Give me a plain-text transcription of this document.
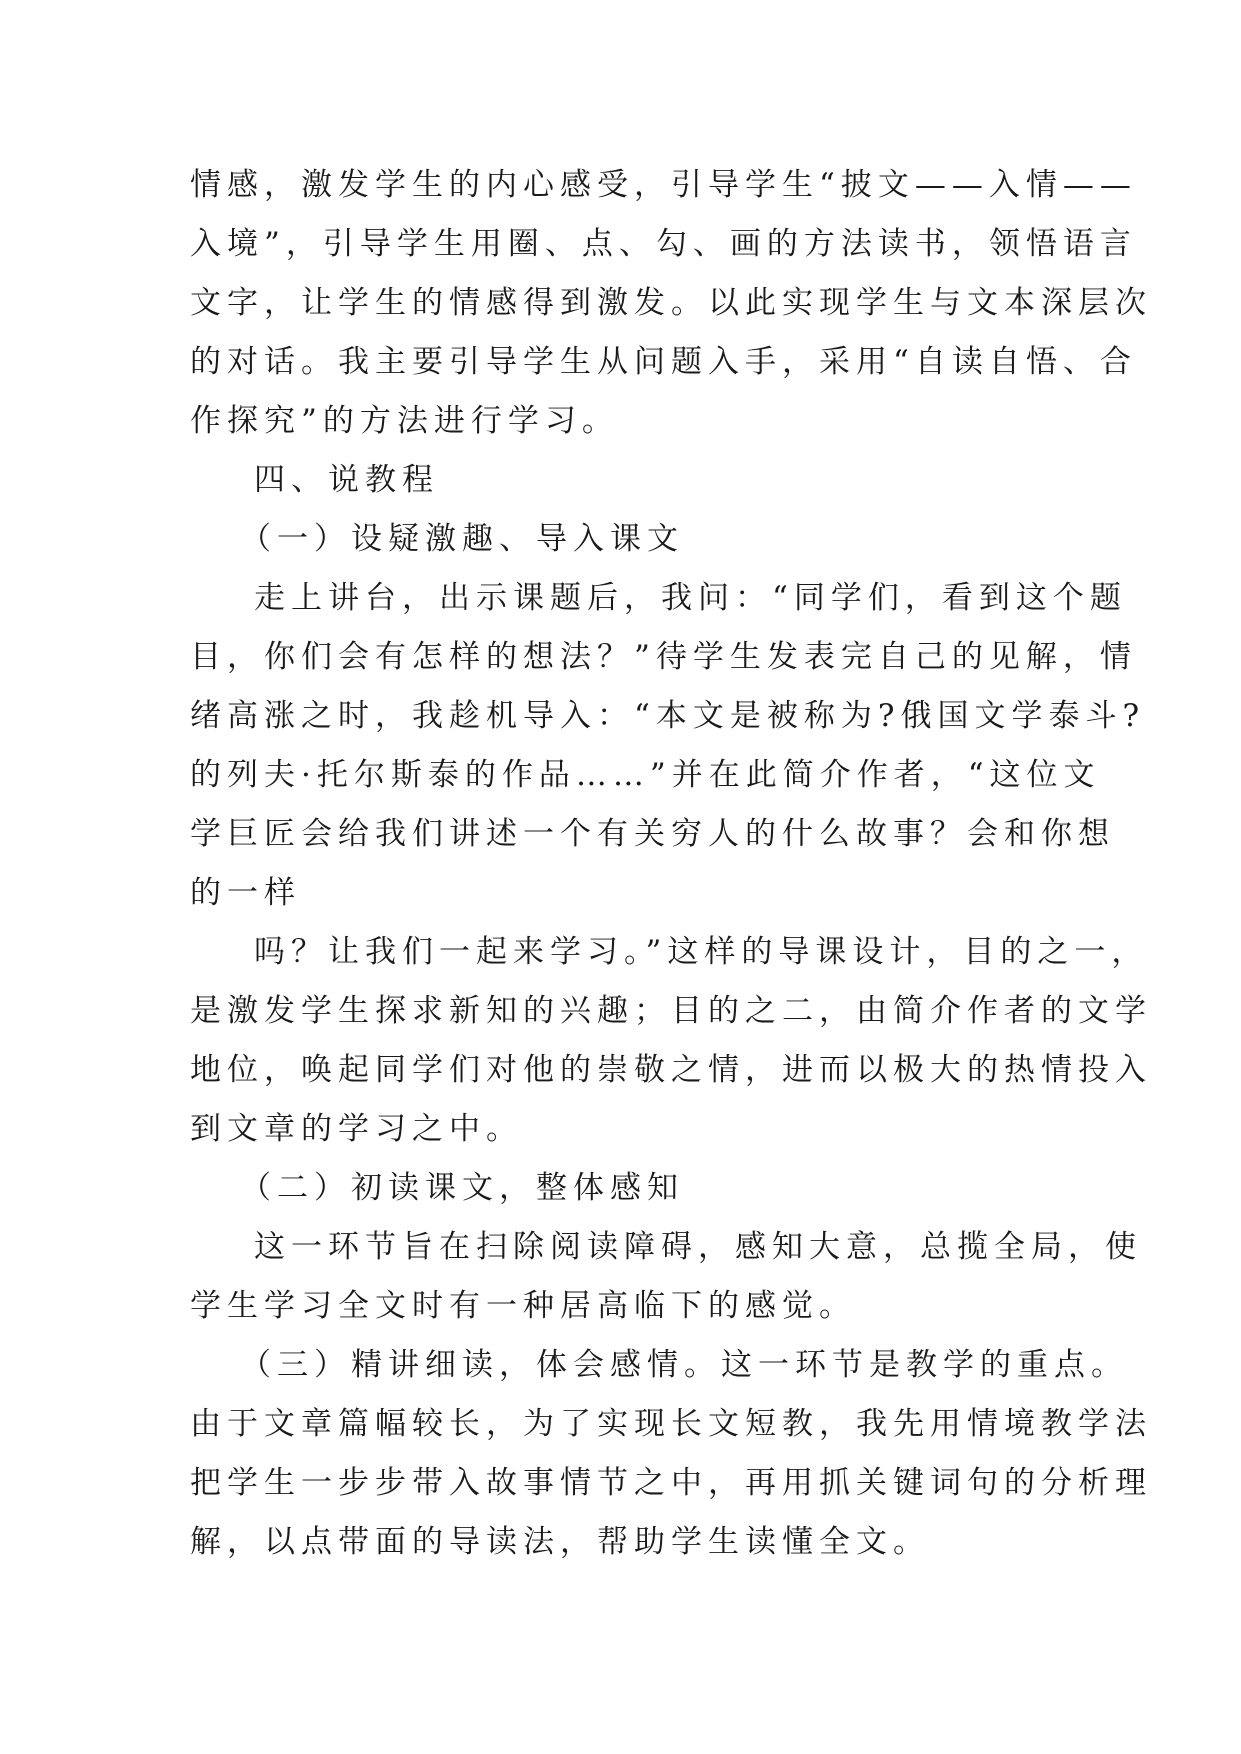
情感，激发学生的内心感受，引导学生“披文——入情——
入境”，引导学生用圈、点、勾、画的方法读书，领悟语言
文字，让学生的情感得到激发。以此实现学生与文本深层次
的对话。我主要引导学生从问题入手，采用“自读自悟、合
作探究”的方法进行学习。
四、说教程
（一）设疑激趣、导入课文
走上讲台，出示课题后，我问：“同学们，看到这个题
目，你们会有怎样的想法？”待学生发表完自己的见解，情
绪高涨之时，我趁机导入：“本文是被称为?俄国文学泰斗?
的列夫·托尔斯泰的作品……”并在此简介作者，“这位文
学巨匠会给我们讲述一个有关穷人的什么故事？会和你想
的一样
吗？让我们一起来学习。”这样的导课设计，目的之一，
是激发学生探求新知的兴趣；目的之二，由简介作者的文学
地位，唤起同学们对他的崇敬之情，进而以极大的热情投入
到文章的学习之中。
（二）初读课文，整体感知
这一环节旨在扫除阅读障碍，感知大意，总揽全局，使
学生学习全文时有一种居高临下的感觉。
（三）精讲细读，体会感情。这一环节是教学的重点。
由于文章篇幅较长，为了实现长文短教，我先用情境教学法
把学生一步步带入故事情节之中，再用抓关键词句的分析理
解，以点带面的导读法，帮助学生读懂全文。
